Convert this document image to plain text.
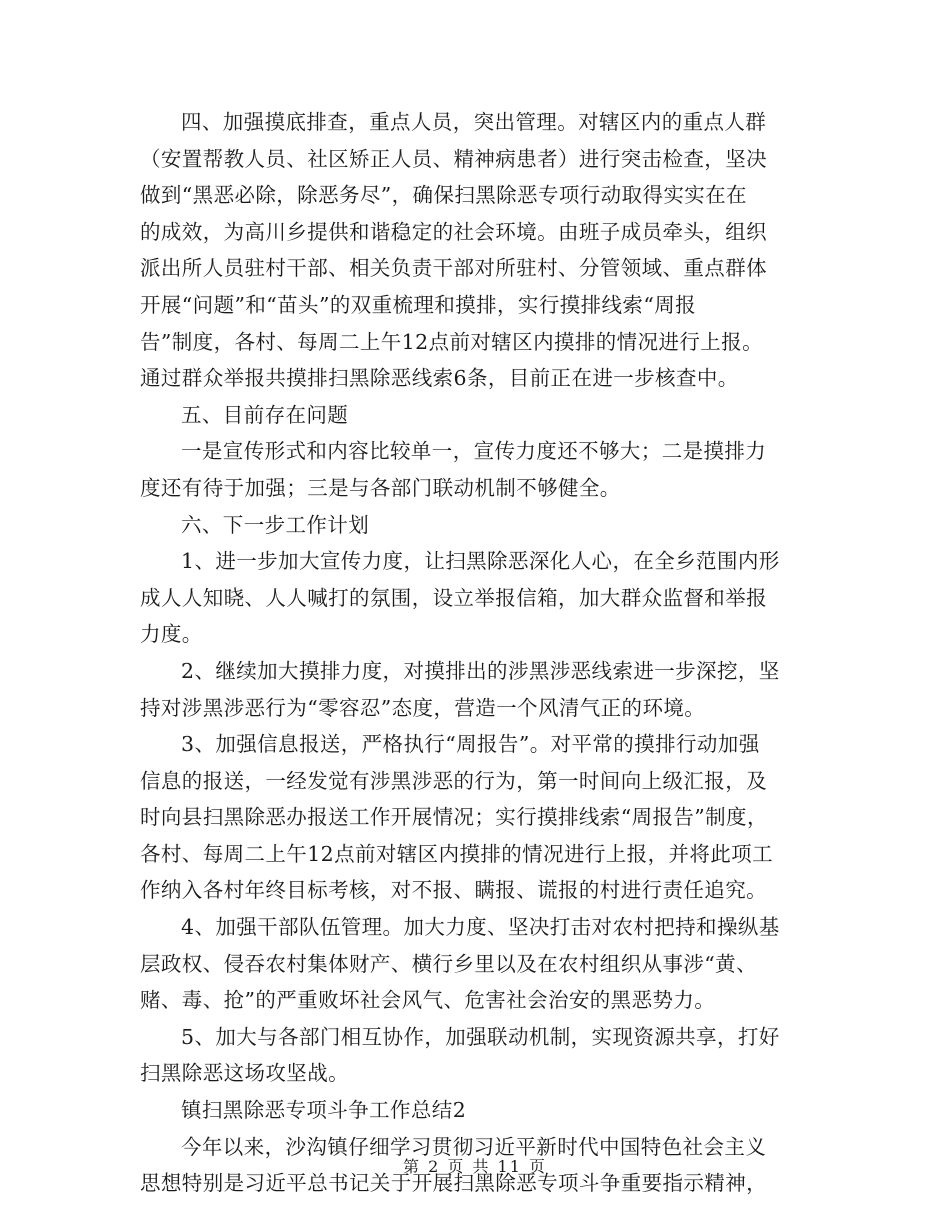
四、加强摸底排查，重点人员，突出管理。对辖区内的重点人群
（安置帮教人员、社区矫正人员、精神病患者）进行突击检查，坚决
做到“黑恶必除，除恶务尽”，确保扫黑除恶专项行动取得实实在在
的成效，为高川乡提供和谐稳定的社会环境。由班子成员牵头，组织
派出所人员驻村干部、相关负责干部对所驻村、分管领域、重点群体
开展“问题”和“苗头”的双重梳理和摸排，实行摸排线索“周报
告”制度，各村、每周二上午12点前对辖区内摸排的情况进行上报。
通过群众举报共摸排扫黑除恶线索6条，目前正在进一步核查中。
五、目前存在问题
一是宣传形式和内容比较单一，宣传力度还不够大；二是摸排力
度还有待于加强；三是与各部门联动机制不够健全。
六、下一步工作计划
1、进一步加大宣传力度，让扫黑除恶深化人心，在全乡范围内形
成人人知晓、人人喊打的氛围，设立举报信箱，加大群众监督和举报
力度。
2、继续加大摸排力度，对摸排出的涉黑涉恶线索进一步深挖，坚
持对涉黑涉恶行为“零容忍”态度，营造一个风清气正的环境。
3、加强信息报送，严格执行“周报告”。对平常的摸排行动加强
信息的报送，一经发觉有涉黑涉恶的行为，第一时间向上级汇报，及
时向县扫黑除恶办报送工作开展情况；实行摸排线索“周报告”制度，
各村、每周二上午12点前对辖区内摸排的情况进行上报，并将此项工
作纳入各村年终目标考核，对不报、瞒报、谎报的村进行责任追究。
4、加强干部队伍管理。加大力度、坚决打击对农村把持和操纵基
层政权、侵吞农村集体财产、横行乡里以及在农村组织从事涉“黄、
赌、毒、抢”的严重败坏社会风气、危害社会治安的黑恶势力。
5、加大与各部门相互协作，加强联动机制，实现资源共享，打好
扫黑除恶这场攻坚战。
镇扫黑除恶专项斗争工作总结2
今年以来，沙沟镇仔细学习贯彻习近平新时代中国特色社会主义
思想特别是习近平总书记关于开展扫黑除恶专项斗争重要指示精神，
第 2 页 共 11 页
